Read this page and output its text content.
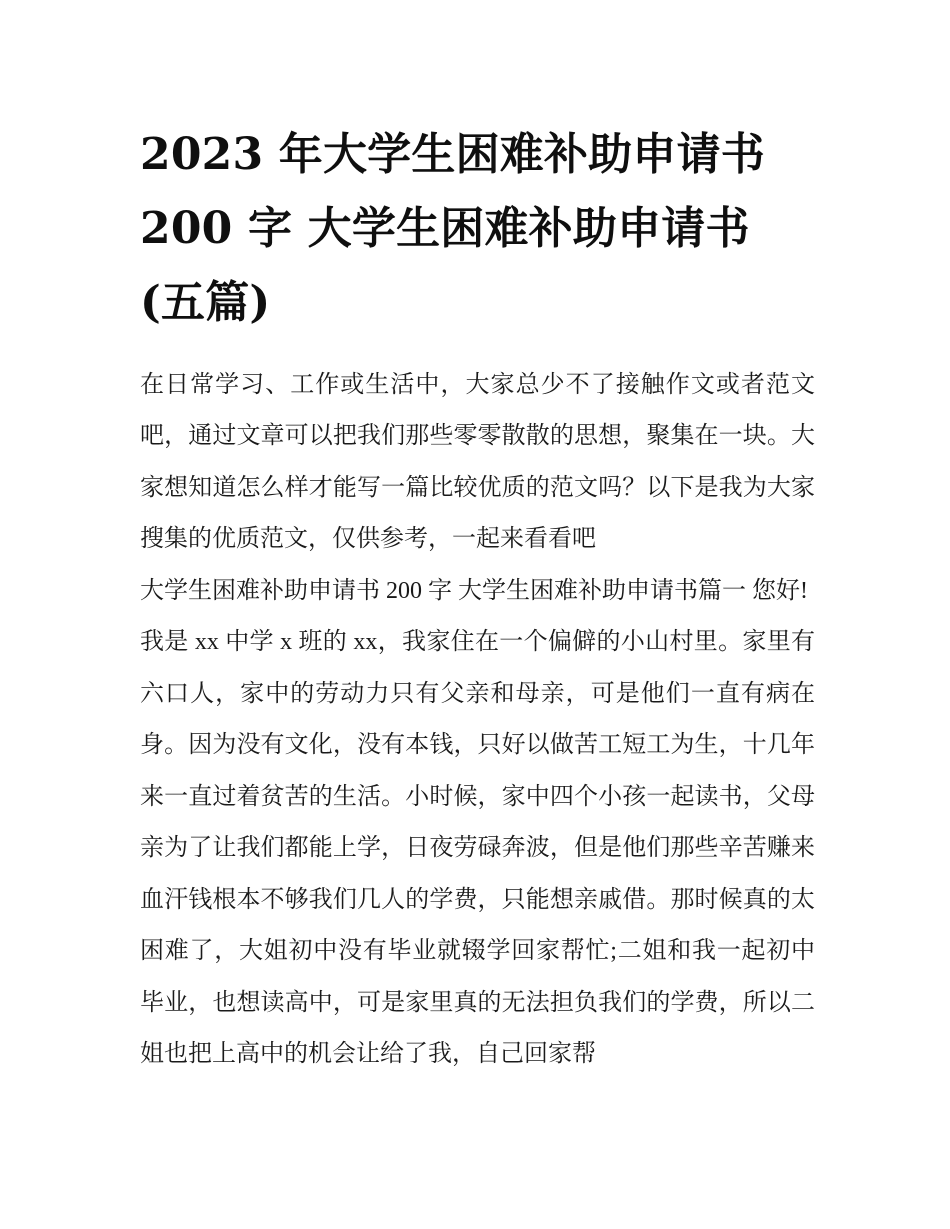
2023 年大学生困难补助申请书
200 字 大学生困难补助申请书
(五篇)

在日常学习、工作或生活中，大家总少不了接触作文或者范文吧，通过文章可以把我们那些零零散散的思想，聚集在一块。大家想知道怎么样才能写一篇比较优质的范文吗？以下是我为大家搜集的优质范文，仅供参考，一起来看看吧

大学生困难补助申请书 200 字 大学生困难补助申请书篇一 您好!

我是 xx 中学 x 班的 xx，我家住在一个偏僻的小山村里。家里有六口人，家中的劳动力只有父亲和母亲，可是他们一直有病在身。因为没有文化，没有本钱，只好以做苦工短工为生，十几年来一直过着贫苦的生活。小时候，家中四个小孩一起读书，父母亲为了让我们都能上学，日夜劳碌奔波，但是他们那些辛苦赚来血汗钱根本不够我们几人的学费，只能想亲戚借。那时候真的太困难了，大姐初中没有毕业就辍学回家帮忙;二姐和我一起初中毕业，也想读高中，可是家里真的无法担负我们的学费，所以二姐也把上高中的机会让给了我，自己回家帮
